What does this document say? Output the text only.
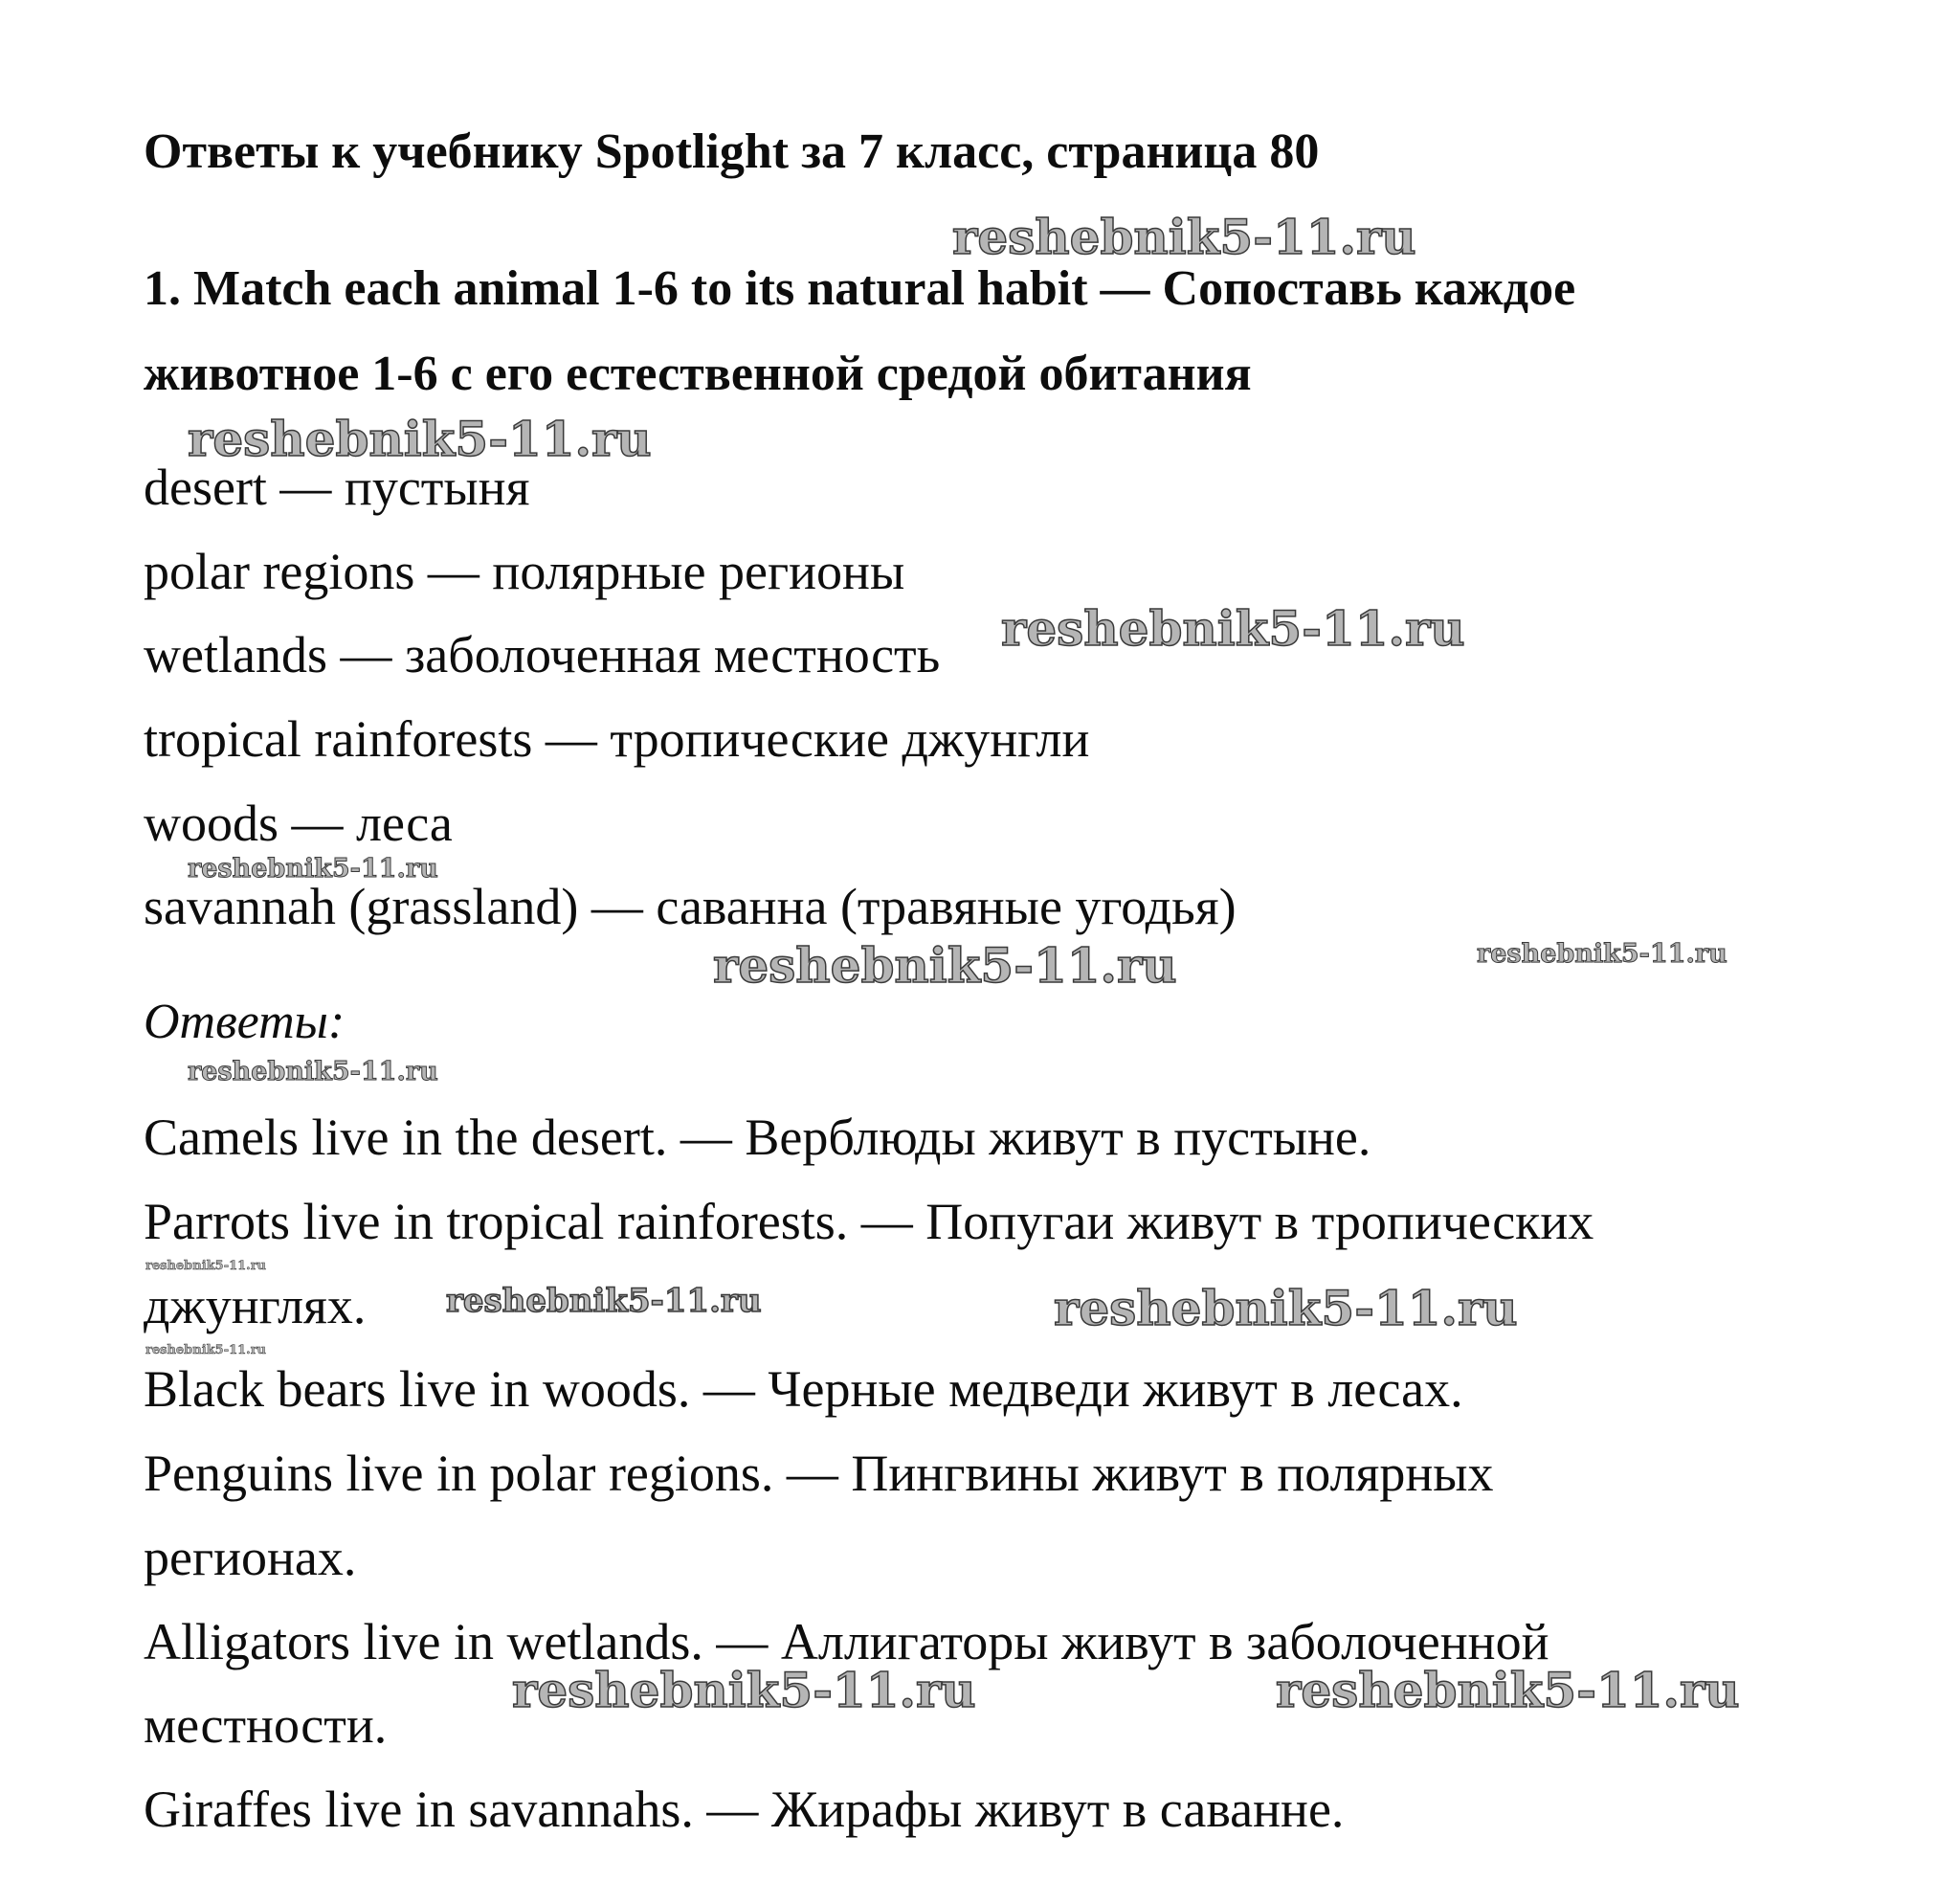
Ответы к учебнику Spotlight за 7 класс, страница 80
1. Match each animal 1-6 to its natural habit — Сопоставь каждое
животное 1-6 с его естественной средой обитания
desert — пустыня
polar regions — полярные регионы
wetlands — заболоченная местность
tropical rainforests — тропические джунгли
woods — леса
savannah (grassland) — саванна (травяные угодья)
Ответы:
Camels live in the desert. — Верблюды живут в пустыне.
Parrots live in tropical rainforests. — Попугаи живут в тропических
джунглях.
Black bears live in woods. — Черные медведи живут в лесах.
Penguins live in polar regions. — Пингвины живут в полярных
регионах.
Alligators live in wetlands. — Аллигаторы живут в заболоченной
местности.
Giraffes live in savannahs. — Жирафы живут в саванне.
reshebnik5-11.ru
reshebnik5-11.ru
reshebnik5-11.ru
reshebnik5-11.ru
reshebnik5-11.ru	reshebnik5-11.ru
reshebnik5-11.ru
reshebnik5-11.ru
reshebnik5-11.ru	reshebnik5-11.ru
reshebnik5-11.ru
reshebnik5-11.ru	reshebnik5-11.ru
